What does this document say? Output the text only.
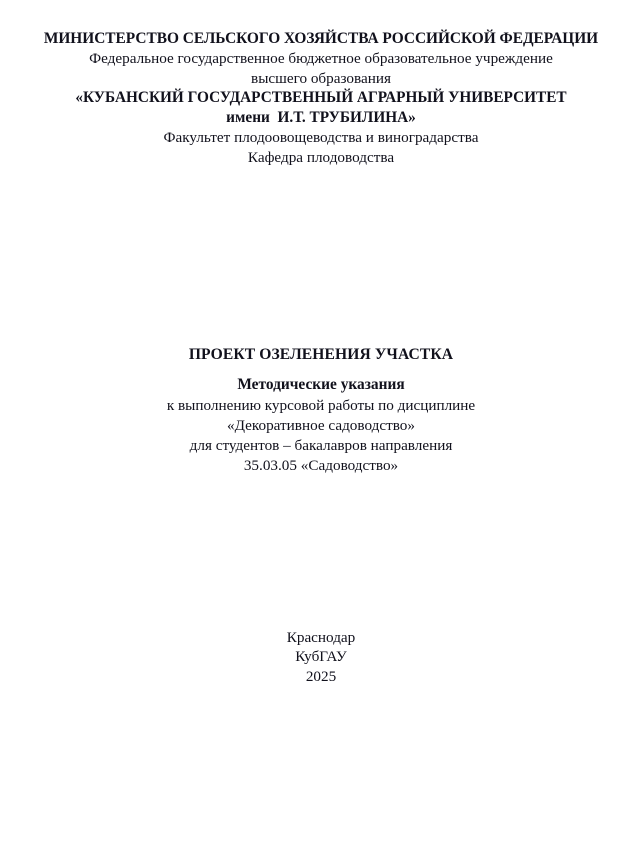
МИНИСТЕРСТВО СЕЛЬСКОГО ХОЗЯЙСТВА РОССИЙСКОЙ ФЕДЕРАЦИИ
Федеральное государственное бюджетное образовательное учреждение
высшего образования
«КУБАНСКИЙ ГОСУДАРСТВЕННЫЙ АГРАРНЫЙ УНИВЕРСИТЕТ
имени  И.Т. ТРУБИЛИНА»
Факультет плодоовощеводства и виноградарства
Кафедра плодоводства
ПРОЕКТ ОЗЕЛЕНЕНИЯ УЧАСТКА
Методические указания
к выполнению курсовой работы по дисциплине
«Декоративное садоводство»
для студентов – бакалавров направления
35.03.05 «Садоводство»
Краснодар
КубГАУ
2025
